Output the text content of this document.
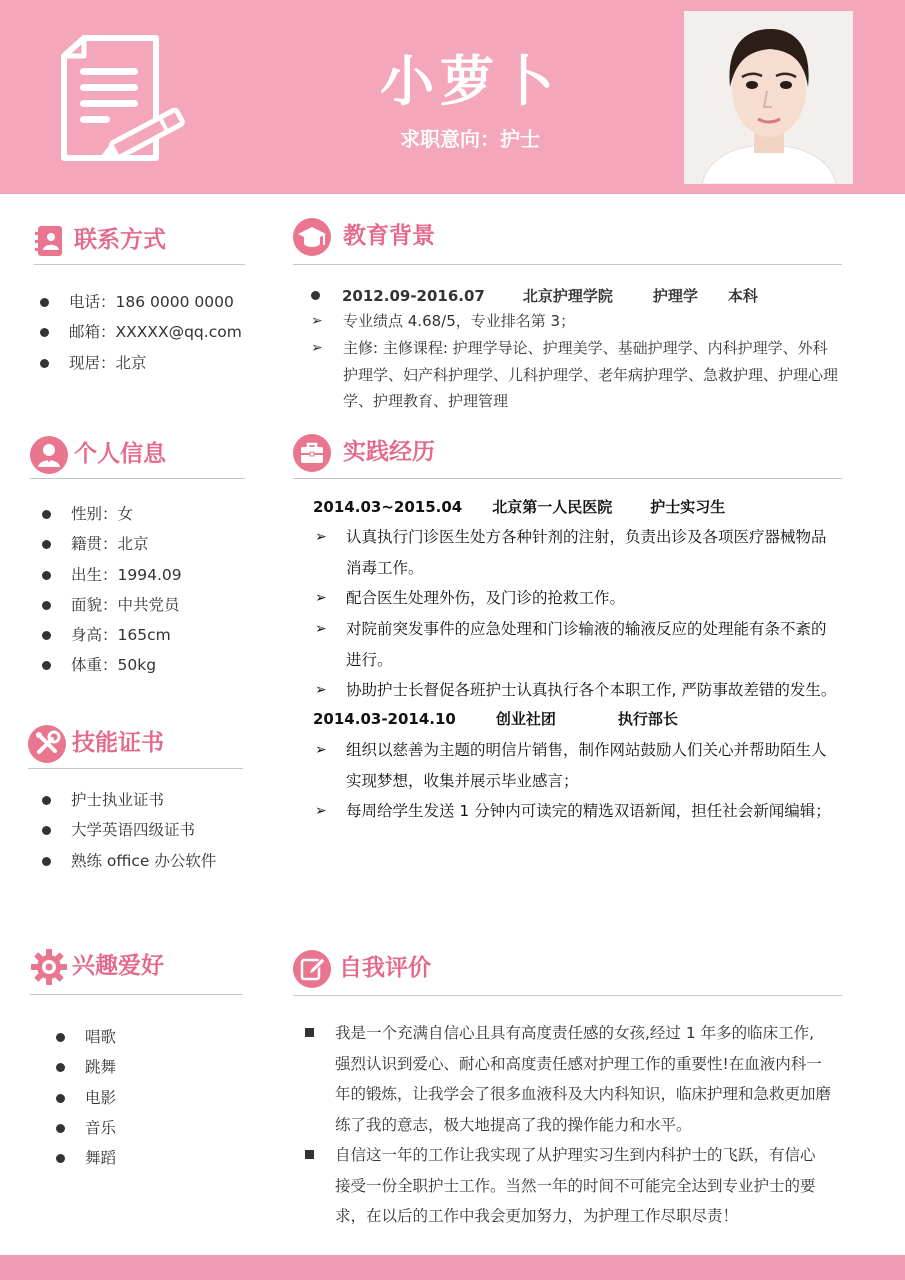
小萝卜
求职意向：护士
联系方式
电话：186 0000 0000
邮箱：XXXXX@qq.com
现居：北京
个人信息
性别：女
籍贯：北京
出生：1994.09
面貌：中共党员
身高：165cm
体重：50kg
技能证书
护士执业证书
大学英语四级证书
熟练 office 办公软件
兴趣爱好
唱歌
跳舞
电影
音乐
舞蹈
教育背景
2012.09-2016.07	北京护理学院	护理学 本科
➢ 专业绩点 4.68/5，专业排名第 3；
➢ 主修: 主修课程: 护理学导论、护理美学、基础护理学、内科护理学、外科
护理学、妇产科护理学、儿科护理学、老年病护理学、急救护理、护理心理
学、护理教育、护理管理
实践经历
2014.03~2015.04 北京第一人民医院	护士实习生
➢ 认真执行门诊医生处方各种针剂的注射，负责出诊及各项医疗器械物品
消毒工作。
➢ 配合医生处理外伤，及门诊的抢救工作。
➢ 对院前突发事件的应急处理和门诊输液的输液反应的处理能有条不紊的
进行。
➢ 协助护士长督促各班护士认真执行各个本职工作, 严防事故差错的发生。
2014.03-2014.10	创业社团	执行部长
➢ 组织以慈善为主题的明信片销售，制作网站鼓励人们关心并帮助陌生人
实现梦想，收集并展示毕业感言；
➢ 每周给学生发送 1 分钟内可读完的精选双语新闻，担任社会新闻编辑；
自我评价
我是一个充满自信心且具有高度责任感的女孩,经过 1 年多的临床工作,
强烈认识到爱心、耐心和高度责任感对护理工作的重要性!在血液内科一
年的锻炼，让我学会了很多血液科及大内科知识，临床护理和急救更加磨
练了我的意志，极大地提高了我的操作能力和水平。
自信这一年的工作让我实现了从护理实习生到内科护士的飞跃，有信心
接受一份全职护士工作。当然一年的时间不可能完全达到专业护士的要
求，在以后的工作中我会更加努力，为护理工作尽职尽责！
